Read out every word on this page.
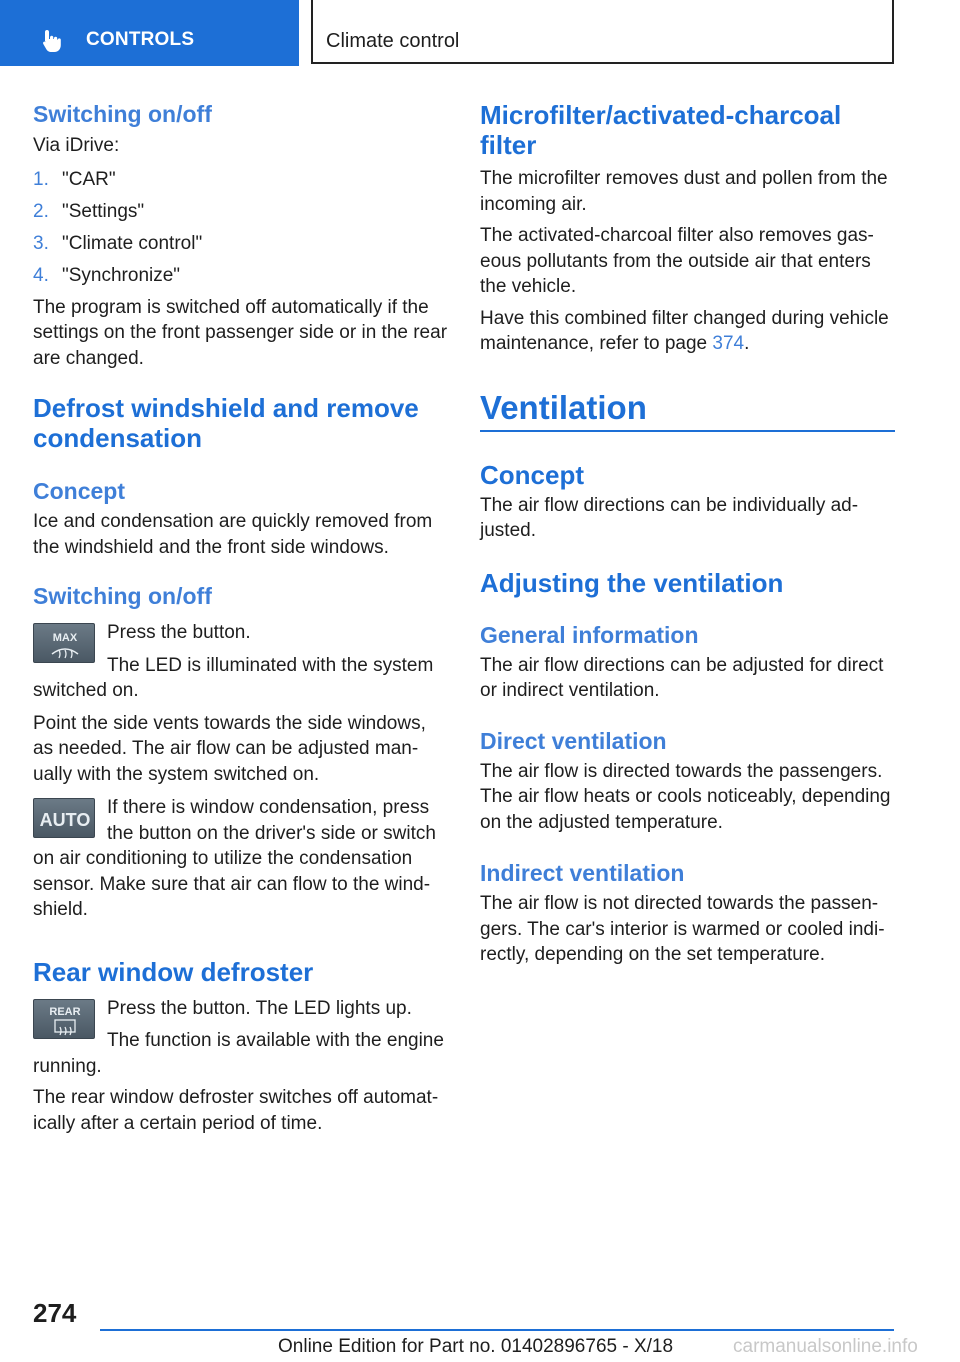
CONTROLS	Climate control
Switching on/off

Via iDrive:

1. "CAR"
2. "Settings"
3. "Climate control"
4. "Synchronize"

The program is switched off automatically if the settings on the front passenger side or in the rear are changed.

Defrost windshield and remove condensation
Concept

Ice and condensation are quickly removed from the windshield and the front side windows.

Switching on/off
MAX	Press the button.

The LED is illuminated with the system switched on.

Point the side vents towards the side windows, as needed. The air flow can be adjusted man‐ually with the system switched on.

AUTO

If there is window condensation, press the button on the driver's side or switch on air conditioning to utilize the condensation sensor. Make sure that air can flow to the wind‐shield.

Rear window defroster
REAR	Press the button. The LED lights up.

The function is available with the engine running.

The rear window defroster switches off automat‐ically after a certain period of time.

Microfilter/activated-charcoal filter

The microfilter removes dust and pollen from the incoming air.

The activated-charcoal filter also removes gas‐eous pollutants from the outside air that enters the vehicle.

Have this combined filter changed during vehicle maintenance, refer to page 374.

Ventilation
Concept

The air flow directions can be individually ad‐justed.

Adjusting the ventilation
General information

The air flow directions can be adjusted for direct or indirect ventilation.

Direct ventilation

The air flow is directed towards the passengers. The air flow heats or cools noticeably, depending on the adjusted temperature.

Indirect ventilation

The air flow is not directed towards the passen‐gers. The car's interior is warmed or cooled indi‐rectly, depending on the set temperature.

274
Online Edition for Part no. 01402896765 - X/18	carmanualsonline.info
